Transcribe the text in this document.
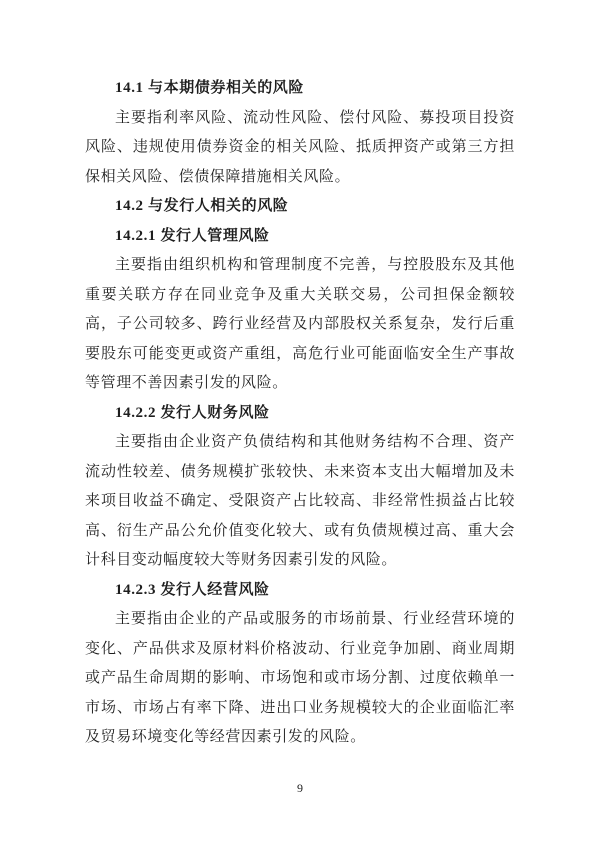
14.1 与本期债券相关的风险

主要指利率风险、流动性风险、偿付风险、募投项目投资风险、违规使用债券资金的相关风险、抵质押资产或第三方担保相关风险、偿债保障措施相关风险。

14.2 与发行人相关的风险
14.2.1 发行人管理风险

主要指由组织机构和管理制度不完善，与控股股东及其他重要关联方存在同业竞争及重大关联交易，公司担保金额较高，子公司较多、跨行业经营及内部股权关系复杂，发行后重要股东可能变更或资产重组，高危行业可能面临安全生产事故等管理不善因素引发的风险。

14.2.2 发行人财务风险

主要指由企业资产负债结构和其他财务结构不合理、资产流动性较差、债务规模扩张较快、未来资本支出大幅增加及未来项目收益不确定、受限资产占比较高、非经常性损益占比较高、衍生产品公允价值变化较大、或有负债规模过高、重大会计科目变动幅度较大等财务因素引发的风险。

14.2.3 发行人经营风险

主要指由企业的产品或服务的市场前景、行业经营环境的变化、产品供求及原材料价格波动、行业竞争加剧、商业周期或产品生命周期的影响、市场饱和或市场分割、过度依赖单一市场、市场占有率下降、进出口业务规模较大的企业面临汇率及贸易环境变化等经营因素引发的风险。

9
